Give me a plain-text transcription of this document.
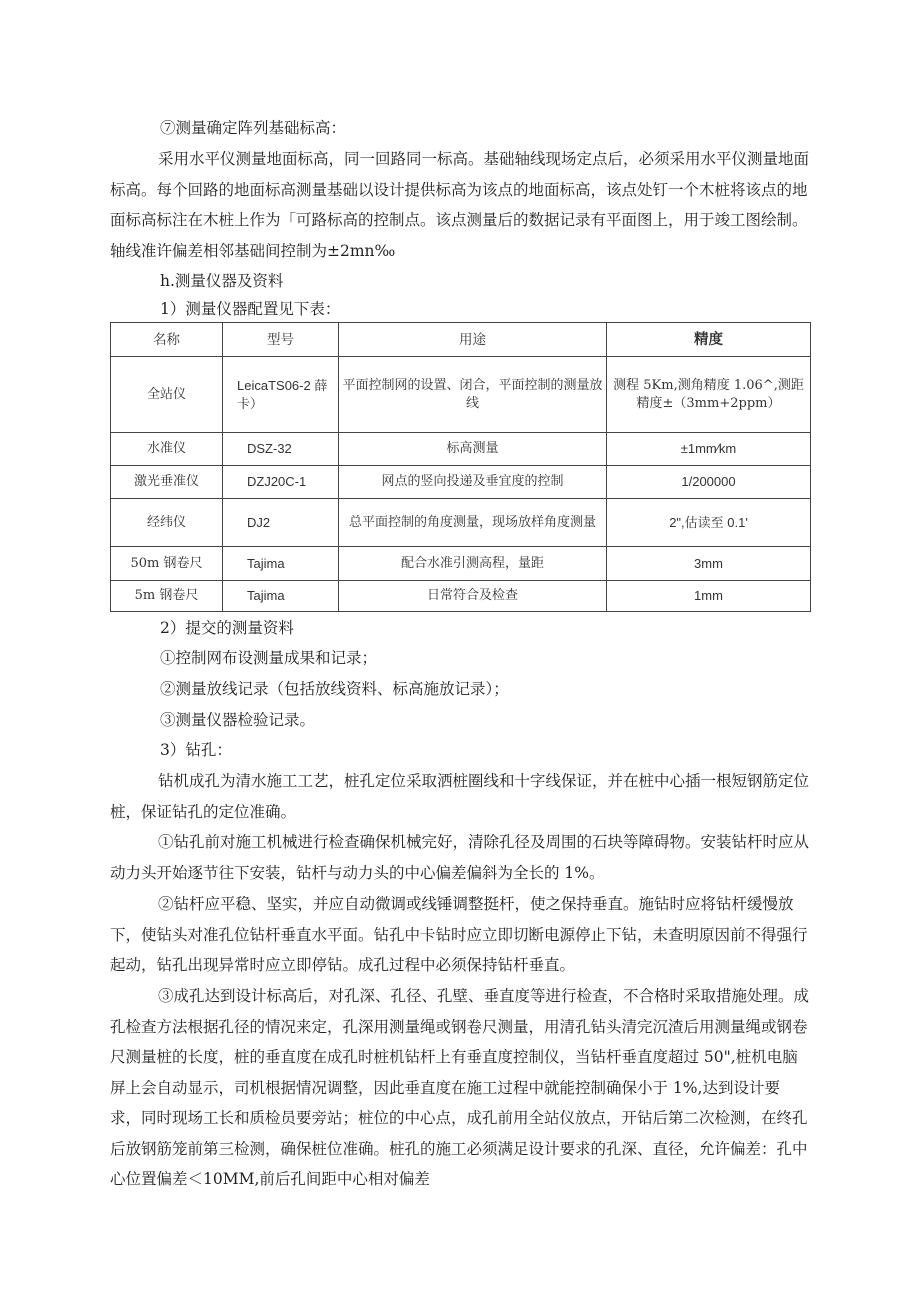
⑦测量确定阵列基础标高：

采用水平仪测量地面标高，同一回路同一标高。基础轴线现场定点后，必须采用水平仪测量地面标高。每个回路的地面标高测量基础以设计提供标高为该点的地面标高，该点处钉一个木桩将该点的地面标高标注在木桩上作为「可路标高的控制点。该点测量后的数据记录有平面图上，用于竣工图绘制。轴线准许偏差相邻基础间控制为±2mn‰

h.测量仪器及资料

1）测量仪器配置见下表：

名称	型号	用途	精度
全站仪	LeicaTS06-2 薛卡）	平面控制网的设置、闭合，平面控制的测量放线	测程 5Km,测角精度 1.06^,测距精度±（3mm+2ppm）
水准仪	DSZ-32	标高测量	±1mm⁄km
激光垂准仪	DZJ20C-1	网点的竖向投递及垂宜度的控制	1/200000
经纬仪	DJ2	总平面控制的角度测量，现场放样角度测量	2",估读至 0.1'
50m 钢卷尺	Tajima	配合水准引测高程，量距	3mm
5m 钢卷尺	Tajima	日常符合及检查	1mm

2）提交的测量资料

①控制网布设测量成果和记录；

②测量放线记录（包括放线资料、标高施放记录）；

③测量仪器检验记录。

3）钻孔：

钻机成孔为清水施工工艺，桩孔定位采取洒桩圈线和十字线保证，并在桩中心插一根短钢筋定位桩，保证钻孔的定位准确。

①钻孔前对施工机械进行检查确保机械完好，清除孔径及周围的石块等障碍物。安装钻杆时应从动力头开始逐节往下安装，钻杆与动力头的中心偏差偏斜为全长的 1%。

②钻杆应平稳、坚实，并应自动微调或线锤调整挺杆，使之保持垂直。施钻时应将钻杆缓慢放下，使钻头对准孔位钻杆垂直水平面。钻孔中卡钻时应立即切断电源停止下钻，未查明原因前不得强行起动，钻孔出现异常时应立即停钻。成孔过程中必须保持钻杆垂直。

③成孔达到设计标高后，对孔深、孔径、孔壁、垂直度等进行检查，不合格时采取措施处理。成孔检查方法根据孔径的情况来定，孔深用测量绳或钢卷尺测量，用清孔钻头清完沉渣后用测量绳或钢卷尺测量桩的长度，桩的垂直度在成孔时桩机钻杆上有垂直度控制仪，当钻杆垂直度超过 50",桩机电脑屏上会自动显示，司机根据情况调整，因此垂直度在施工过程中就能控制确保小于 1%,达到设计要求，同时现场工长和质检员要旁站；桩位的中心点，成孔前用全站仪放点，开钻后第二次检测，在终孔后放钢筋笼前第三检测，确保桩位准确。桩孔的施工必须满足设计要求的孔深、直径，允许偏差：孔中心位置偏差＜10MM,前后孔间距中心相对偏差
